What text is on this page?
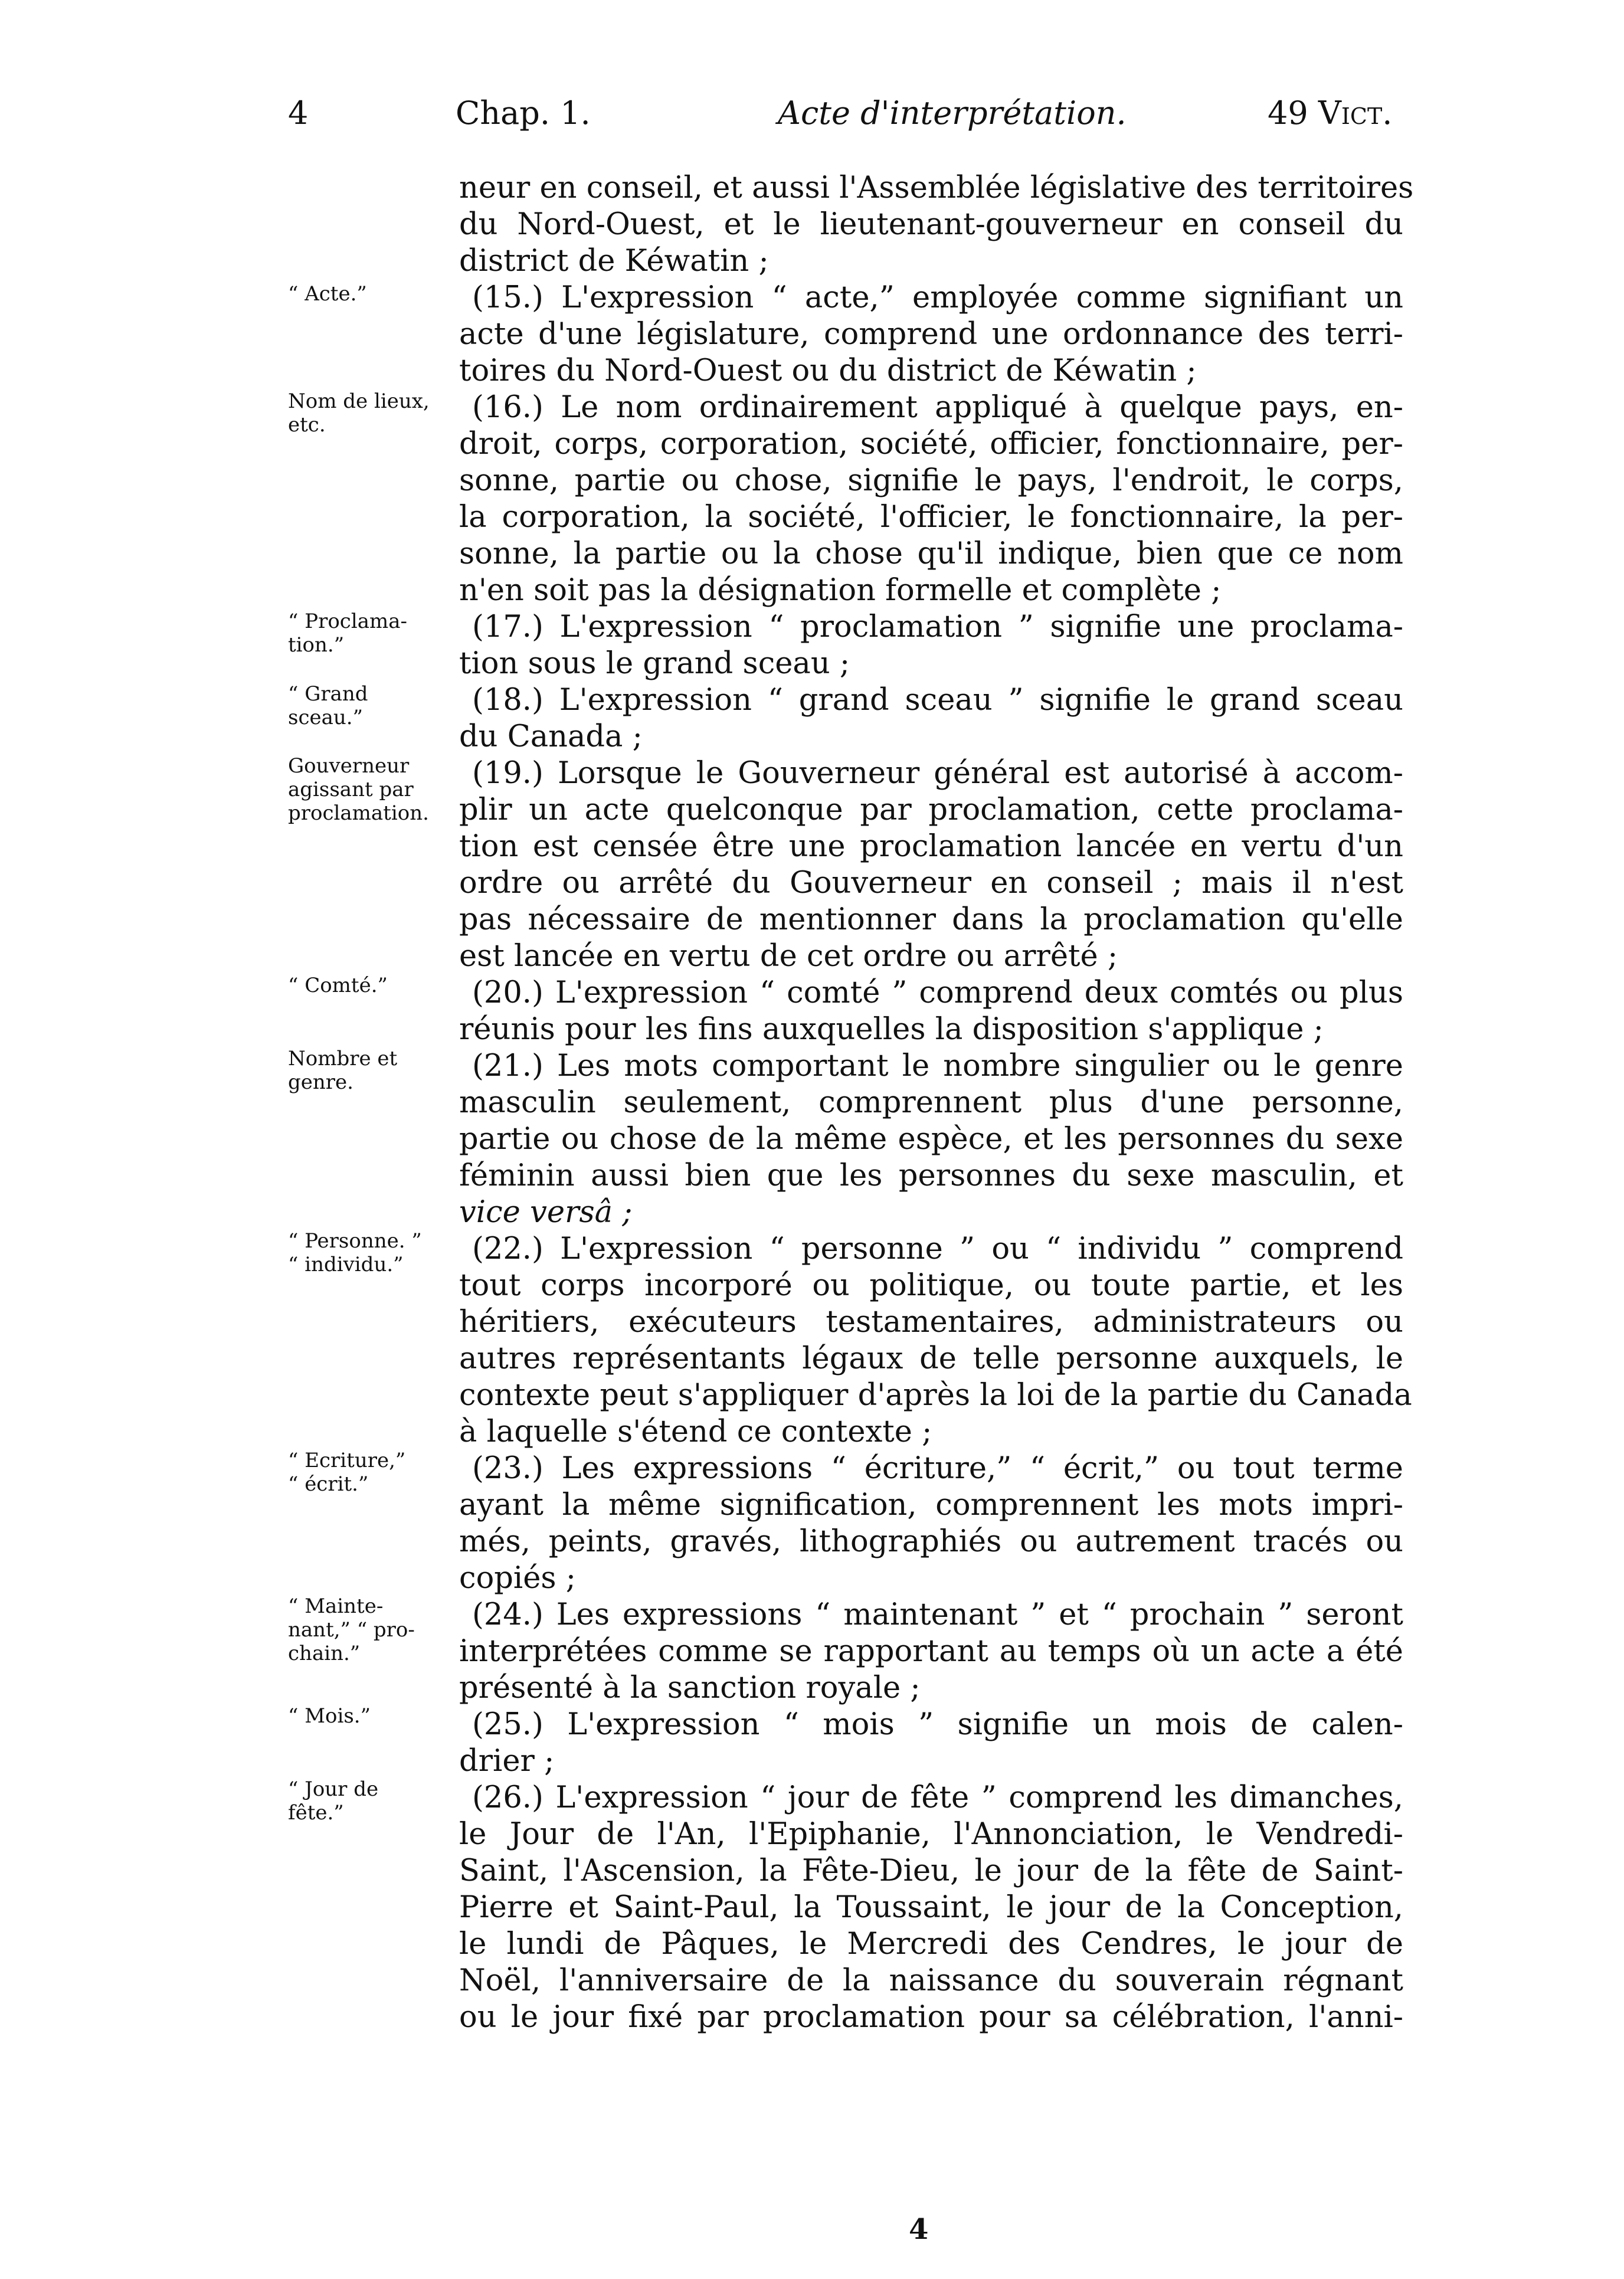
4	Chap. 1.	Acte d'interprétation.	49 Vict.
“ Acte.”
Nom de lieux,
etc.
“ Proclama-
tion.”
“ Grand
sceau.”
Gouverneur
agissant par
proclamation.
“ Comté.”
Nombre et
genre.
“ Personne. ”
“ individu.”
“ Ecriture,”
“ écrit.”
“ Mainte-
nant,” “ pro-
chain.”
“ Mois.”
“ Jour de
fête.”
neur en conseil, et aussi l'Assemblée législative des territoires
du Nord-Ouest, et le lieutenant-gouverneur en conseil du
district de Kéwatin ;
(15.) L'expression “ acte,” employée comme signifiant un
acte d'une législature, comprend une ordonnance des terri-
toires du Nord-Ouest ou du district de Kéwatin ;
(16.) Le nom ordinairement appliqué à quelque pays, en-
droit, corps, corporation, société, officier, fonctionnaire, per-
sonne, partie ou chose, signifie le pays, l'endroit, le corps,
la corporation, la société, l'officier, le fonctionnaire, la per-
sonne, la partie ou la chose qu'il indique, bien que ce nom
n'en soit pas la désignation formelle et complète ;
(17.) L'expression “ proclamation ” signifie une proclama-
tion sous le grand sceau ;
(18.) L'expression “ grand sceau ” signifie le grand sceau
du Canada ;
(19.) Lorsque le Gouverneur général est autorisé à accom-
plir un acte quelconque par proclamation, cette proclama-
tion est censée être une proclamation lancée en vertu d'un
ordre ou arrêté du Gouverneur en conseil ; mais il n'est
pas nécessaire de mentionner dans la proclamation qu'elle
est lancée en vertu de cet ordre ou arrêté ;
(20.) L'expression “ comté ” comprend deux comtés ou plus
réunis pour les fins auxquelles la disposition s'applique ;
(21.) Les mots comportant le nombre singulier ou le genre
masculin seulement, comprennent plus d'une personne,
partie ou chose de la même espèce, et les personnes du sexe
féminin aussi bien que les personnes du sexe masculin, et
vice versâ ;
(22.) L'expression “ personne ” ou “ individu ” comprend
tout corps incorporé ou politique, ou toute partie, et les
héritiers, exécuteurs testamentaires, administrateurs ou
autres représentants légaux de telle personne auxquels, le
contexte peut s'appliquer d'après la loi de la partie du Canada
à laquelle s'étend ce contexte ;
(23.) Les expressions “ écriture,” “ écrit,” ou tout terme
ayant la même signification, comprennent les mots impri-
més, peints, gravés, lithographiés ou autrement tracés ou
copiés ;
(24.) Les expressions “ maintenant ” et “ prochain ” seront
interprétées comme se rapportant au temps où un acte a été
présenté à la sanction royale ;
(25.) L'expression “ mois ” signifie un mois de calen-
drier ;
(26.) L'expression “ jour de fête ” comprend les dimanches,
le Jour de l'An, l'Epiphanie, l'Annonciation, le Vendredi-
Saint, l'Ascension, la Fête-Dieu, le jour de la fête de Saint-
Pierre et Saint-Paul, la Toussaint, le jour de la Conception,
le lundi de Pâques, le Mercredi des Cendres, le jour de
Noël, l'anniversaire de la naissance du souverain régnant
ou le jour fixé par proclamation pour sa célébration, l'anni-
4
